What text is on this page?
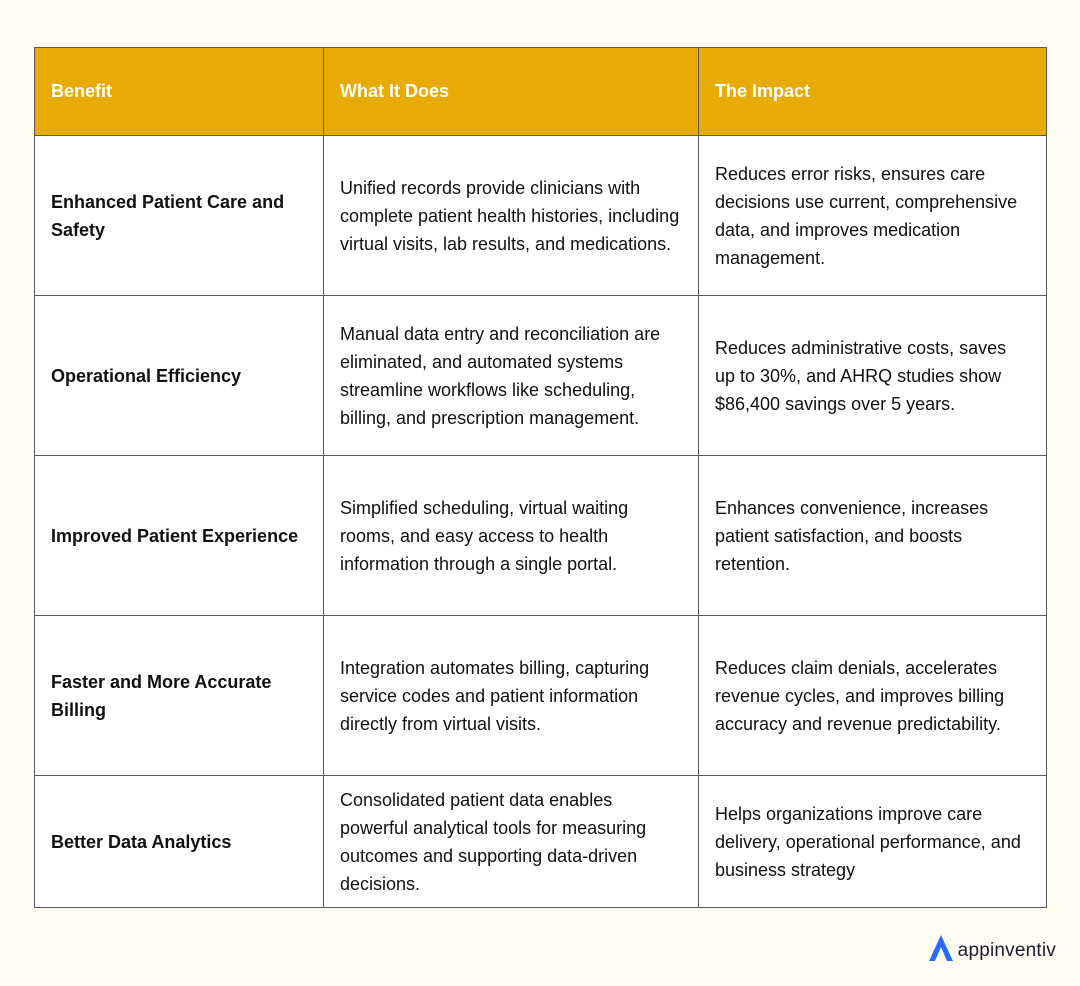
Benefit	What It Does	The Impact
Enhanced Patient Care and Safety	Unified records provide clinicians with complete patient health histories, including virtual visits, lab results, and medications.	Reduces error risks, ensures care decisions use current, comprehensive data, and improves medication management.
Operational Efficiency	Manual data entry and reconciliation are eliminated, and automated systems streamline workflows like scheduling, billing, and prescription management.	Reduces administrative costs, saves up to 30%, and AHRQ studies show $86,400 savings over 5 years.
Improved Patient Experience	Simplified scheduling, virtual waiting rooms, and easy access to health information through a single portal.	Enhances convenience, increases patient satisfaction, and boosts retention.
Faster and More Accurate Billing	Integration automates billing, capturing service codes and patient information directly from virtual visits.	Reduces claim denials, accelerates revenue cycles, and improves billing accuracy and revenue predictability.
Better Data Analytics	Consolidated patient data enables powerful analytical tools for measuring outcomes and supporting data-driven decisions.	Helps organizations improve care delivery, operational performance, and business strategy
appinventiv
